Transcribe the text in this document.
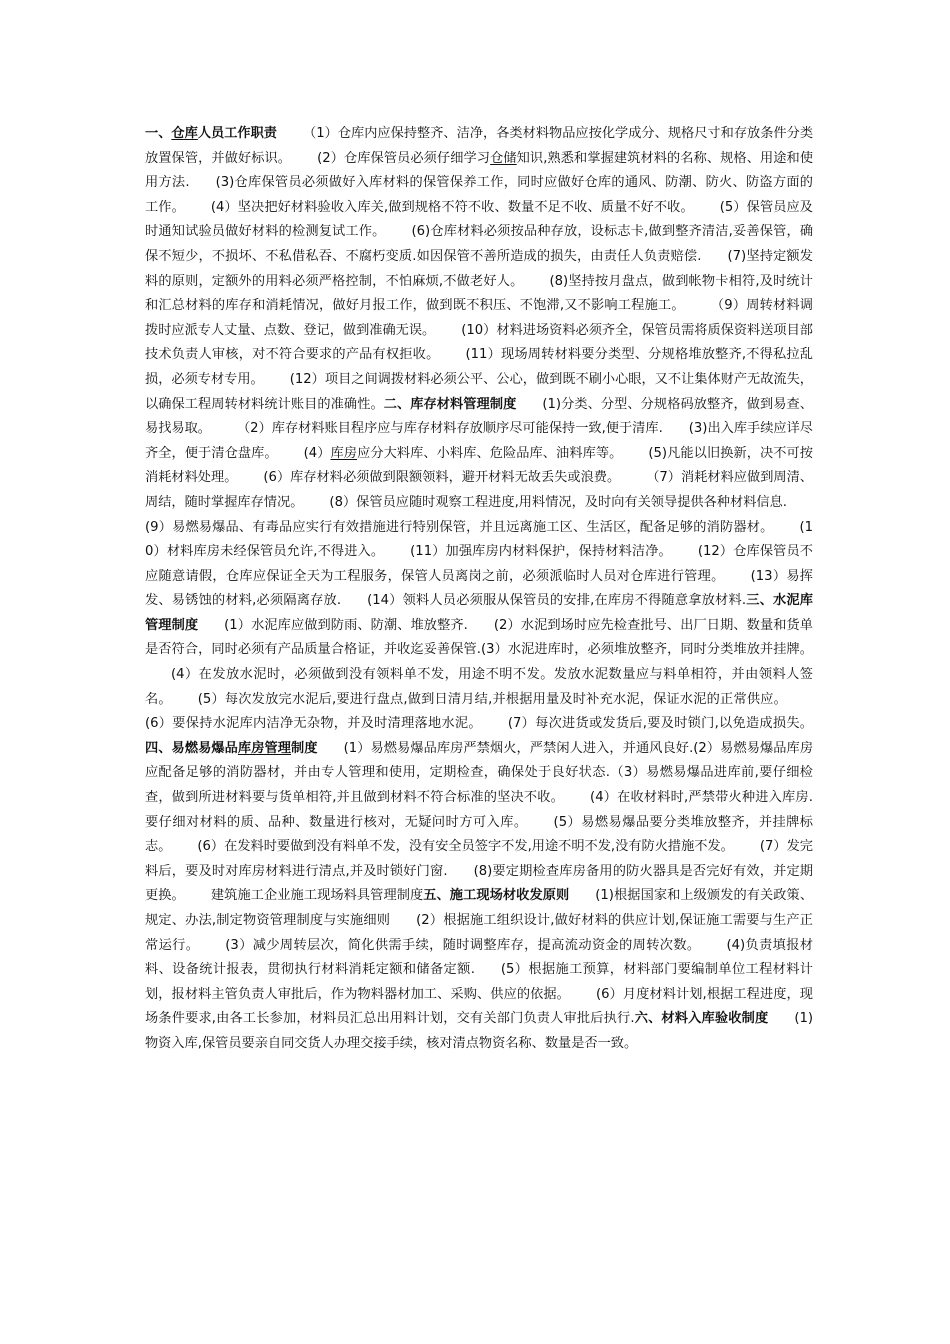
一、仓库人员工作职责 （1）仓库内应保持整齐、洁净，各类材料物品应按化学成分、规格尺寸和存放条件分类放置保管，并做好标识。 (2）仓库保管员必须仔细学习仓储知识,熟悉和掌握建筑材料的名称、规格、用途和使用方法. (3)仓库保管员必须做好入库材料的保管保养工作，同时应做好仓库的通风、防潮、防火、防盗方面的工作。 (4）坚决把好材料验收入库关,做到规格不符不收、数量不足不收、质量不好不收。 (5）保管员应及时通知试验员做好材料的检测复试工作。 (6)仓库材料必须按品种存放，设标志卡,做到整齐清洁,妥善保管，确保不短少，不损坏、不私借私吞、不腐朽变质.如因保管不善所造成的损失，由责任人负责赔偿. (7)坚持定额发料的原则，定额外的用料必须严格控制，不怕麻烦,不做老好人。 (8)坚持按月盘点，做到帐物卡相符,及时统计和汇总材料的库存和消耗情况，做好月报工作，做到既不积压、不饱滞,又不影响工程施工。 （9）周转材料调拨时应派专人丈量、点数、登记，做到准确无误。 (10）材料进场资料必须齐全，保管员需将质保资料送项目部技术负责人审核，对不符合要求的产品有权拒收。 (11）现场周转材料要分类型、分规格堆放整齐,不得私拉乱损，必须专材专用。 (12）项目之间调拨材料必须公平、公心，做到既不刷小心眼，又不让集体财产无故流失，以确保工程周转材料统计账目的准确性。二、库存材料管理制度 (1)分类、分型、分规格码放整齐，做到易查、易找易取。 （2）库存材料账目程序应与库存材料存放顺序尽可能保持一致,便于清库. (3)出入库手续应详尽齐全，便于清仓盘库。 (4）库房应分大料库、小料库、危险品库、油料库等。 (5)凡能以旧换新，决不可按消耗材料处理。 (6）库存材料必须做到限额领料，避开材料无故丢失或浪费。 （7）消耗材料应做到周清、周结，随时掌握库存情况。 (8）保管员应随时观察工程进度,用料情况，及时向有关领导提供各种材料信息.(9）易燃易爆品、有毒品应实行有效措施进行特别保管，并且远离施工区、生活区，配备足够的消防器材。 (10）材料库房未经保管员允许,不得进入。 (11）加强库房内材料保护，保持材料洁净。 (12）仓库保管员不应随意请假，仓库应保证全天为工程服务，保管人员离岗之前，必须派临时人员对仓库进行管理。 (13）易挥发、易锈蚀的材料,必须隔离存放. (14）领料人员必须服从保管员的安排,在库房不得随意拿放材料.三、水泥库管理制度 (1）水泥库应做到防雨、防潮、堆放整齐. (2）水泥到场时应先检查批号、出厂日期、数量和货单是否符合，同时必须有产品质量合格证，并收迄妥善保管.(3）水泥进库时，必须堆放整齐，同时分类堆放并挂牌。(4）在发放水泥时，必须做到没有领料单不发，用途不明不发。发放水泥数量应与料单相符，并由领料人签名。 (5）每次发放完水泥后,要进行盘点,做到日清月结,并根据用量及时补充水泥，保证水泥的正常供应。(6）要保持水泥库内洁净无杂物，并及时清理落地水泥。 (7）每次进货或发货后,要及时锁门,以免造成损失。四、易燃易爆品库房管理制度 (1）易燃易爆品库房严禁烟火，严禁闲人进入，并通风良好.(2）易燃易爆品库房应配备足够的消防器材，并由专人管理和使用，定期检查，确保处于良好状态.（3）易燃易爆品进库前,要仔细检查，做到所进材料要与货单相符,并且做到材料不符合标准的坚决不收。 (4）在收材料时,严禁带火种进入库房.要仔细对材料的质、品种、数量进行核对，无疑问时方可入库。 (5）易燃易爆品要分类堆放整齐，并挂牌标志。 (6）在发料时要做到没有料单不发，没有安全员签字不发,用途不明不发,没有防火措施不发。 (7）发完料后，要及时对库房材料进行清点,并及时锁好门窗. (8)要定期检查库房备用的防火器具是否完好有效，并定期更换。 建筑施工企业施工现场料具管理制度五、施工现场材收发原则 (1)根据国家和上级颁发的有关政策、规定、办法,制定物资管理制度与实施细则 (2）根据施工组织设计,做好材料的供应计划,保证施工需要与生产正常运行。 (3）减少周转层次，简化供需手续，随时调整库存，提高流动资金的周转次数。 (4)负责填报材料、设备统计报表，贯彻执行材料消耗定额和储备定额. (5）根据施工预算，材料部门要编制单位工程材料计划，报材料主管负责人审批后，作为物料器材加工、采购、供应的依据。 (6）月度材料计划,根据工程进度，现场条件要求,由各工长参加，材料员汇总出用料计划，交有关部门负责人审批后执行.六、材料入库验收制度 (1)物资入库,保管员要亲自同交货人办理交接手续，核对清点物资名称、数量是否一致。
